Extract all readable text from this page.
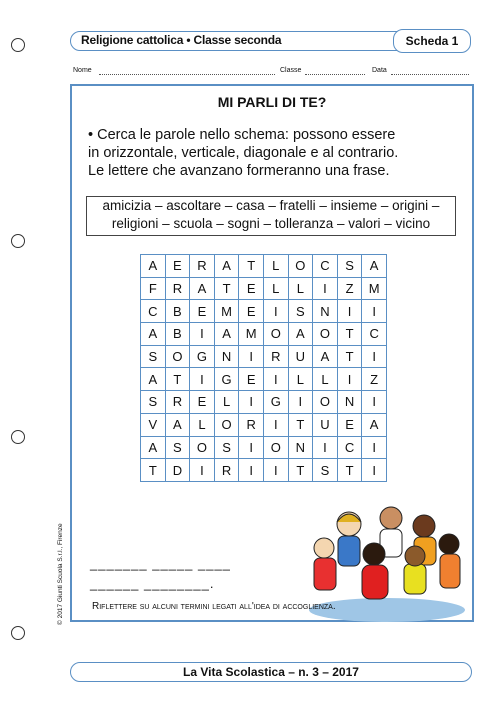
Religione cattolica • Classe seconda	Scheda 1
Nome	Classe	Data
MI PARLI DI TE?
• Cerca le parole nello schema: possono essere
in orizzontale, verticale, diagonale e al contrario.
Le lettere che avanzano formeranno una frase.
amicizia – ascoltare – casa – fratelli – insieme – origini –
religioni – scuola – sogni – tolleranza – valori – vicino
A	E	R	A	T	L	O	C	S	A
F	R	A	T	E	L	L	I	Z	M
C	B	E	M	E	I	S	N	I	I
A	B	I	A	M	O	A	O	T	C
S	O	G	N	I	R	U	A	T	I
A	T	I	G	E	I	L	L	I	Z
S	R	E	L	I	G	I	O	N	I
V	A	L	O	R	I	T	U	E	A
A	S	O	S	I	O	N	I	C	I
T	D	I	R	I	I	T	S	T	I
_______ _____ ____
______ ________.
Riflettere su alcuni termini legati all'idea di accoglienza.
© 2017 Giunti Scuola S.r.l., Firenze
La Vita Scolastica – n. 3 – 2017
